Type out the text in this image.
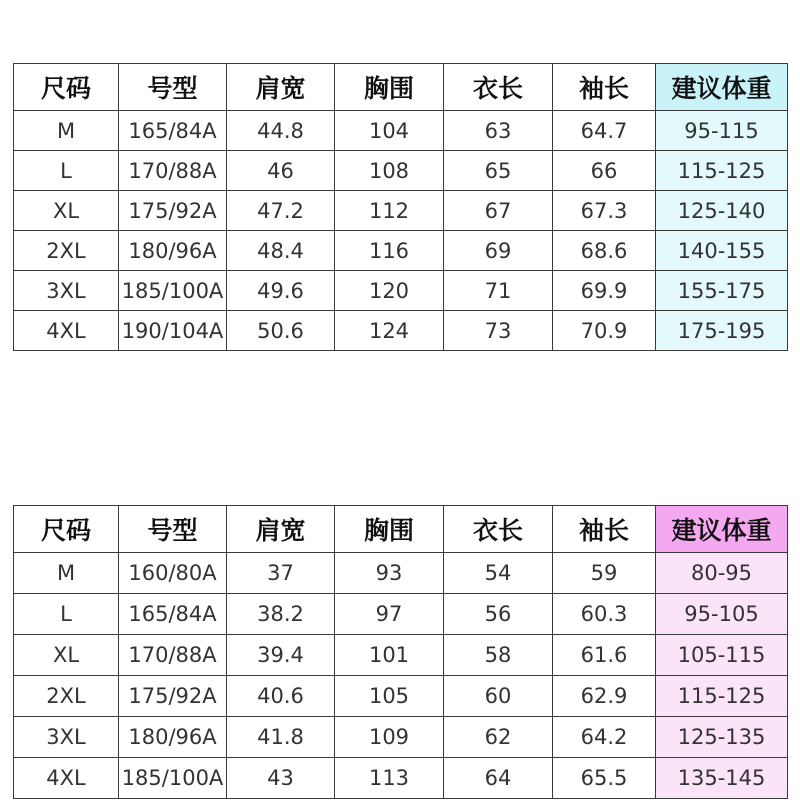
尺码	号型	肩宽	胸围	衣长	袖长	建议体重
M	165/84A	44.8	104	63	64.7	95-115
L	170/88A	46	108	65	66	115-125
XL	175/92A	47.2	112	67	67.3	125-140
2XL	180/96A	48.4	116	69	68.6	140-155
3XL	185/100A	49.6	120	71	69.9	155-175
4XL	190/104A	50.6	124	73	70.9	175-195
尺码	号型	肩宽	胸围	衣长	袖长	建议体重
M	160/80A	37	93	54	59	80-95
L	165/84A	38.2	97	56	60.3	95-105
XL	170/88A	39.4	101	58	61.6	105-115
2XL	175/92A	40.6	105	60	62.9	115-125
3XL	180/96A	41.8	109	62	64.2	125-135
4XL	185/100A	43	113	64	65.5	135-145
